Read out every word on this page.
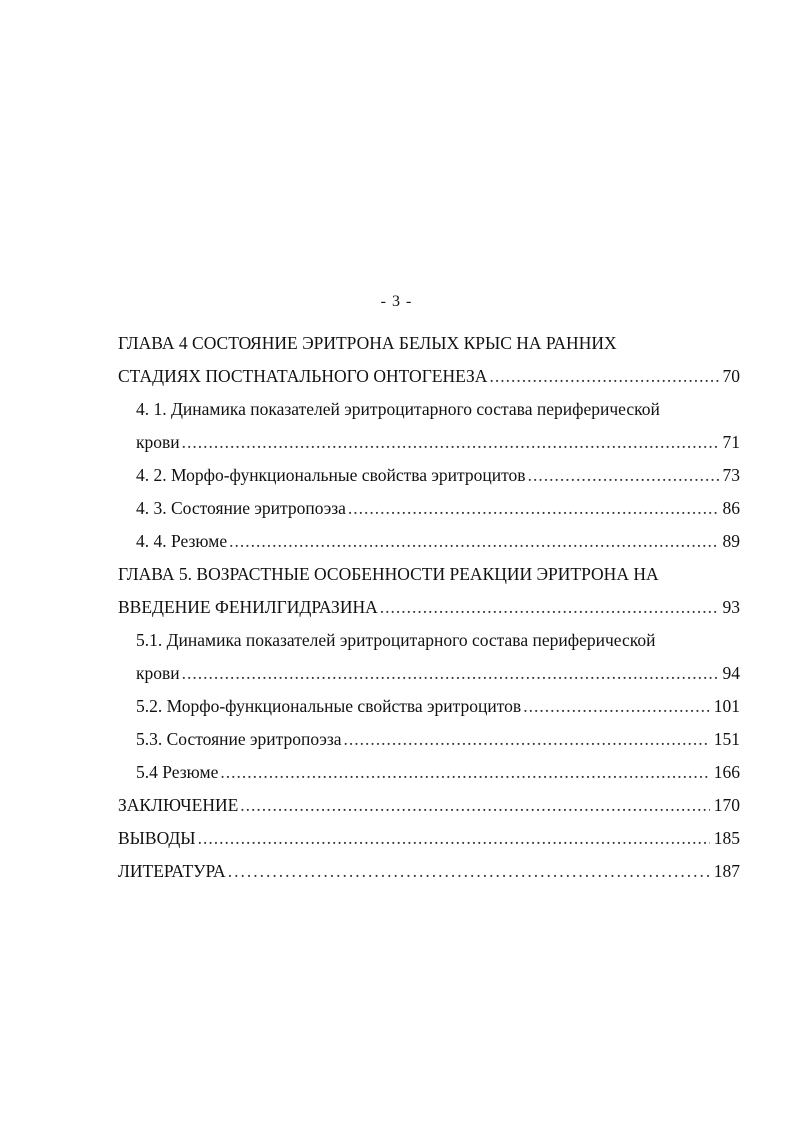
- 3 -
ГЛАВА 4 СОСТОЯНИЕ ЭРИТРОНА БЕЛЫХ КРЫС НА РАННИХ
СТАДИЯХ ПОСТНАТАЛЬНОГО ОНТОГЕНЕЗА .....	70
4. 1. Динамика показателей эритроцитарного состава периферической
крови .....	71
4. 2. Морфо-функциональные свойства эритроцитов .....	73
4. 3. Состояние эритропоэза .....	86
4. 4. Резюме .....	89
ГЛАВА 5. ВОЗРАСТНЫЕ ОСОБЕННОСТИ РЕАКЦИИ ЭРИТРОНА НА
ВВЕДЕНИЕ ФЕНИЛГИДРАЗИНА .....	93
5.1. Динамика показателей эритроцитарного состава периферической
крови .....	94
5.2. Морфо-функциональные свойства эритроцитов .....	101
5.3. Состояние эритропоэза .....	151
5.4 Резюме .....	166
ЗАКЛЮЧЕНИЕ .....	170
ВЫВОДЫ .....	185
ЛИТЕРАТУРА .....	187
